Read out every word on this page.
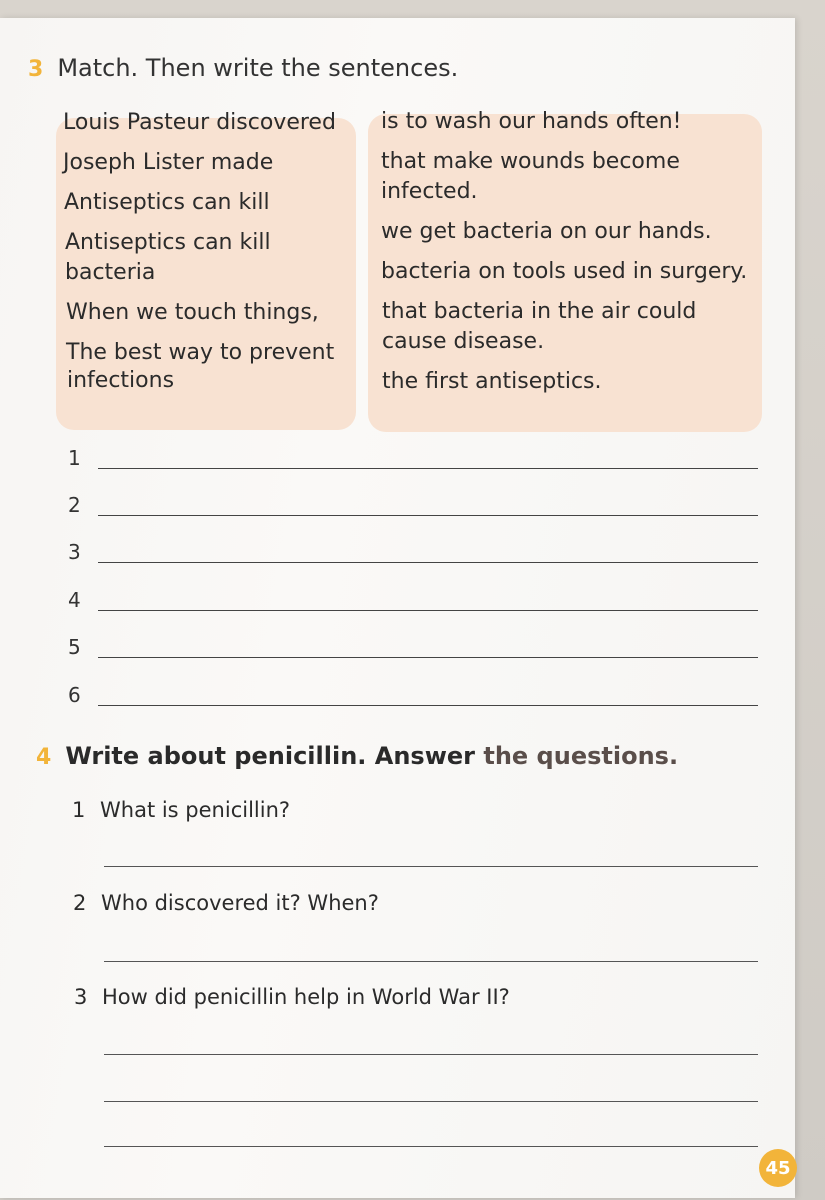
3 Match. Then write the sentences.
Louis Pasteur discovered
Joseph Lister made
Antiseptics can kill
Antiseptics can kill
bacteria
When we touch things,
The best way to prevent
infections
is to wash our hands often!
that make wounds become
infected.
we get bacteria on our hands.
bacteria on tools used in surgery.
that bacteria in the air could
cause disease.
the first antiseptics.
1
2
3
4
5
6
4 Write about penicillin. Answer the questions.
1 What is penicillin?
2 Who discovered it? When?
3 How did penicillin help in World War II?
45
